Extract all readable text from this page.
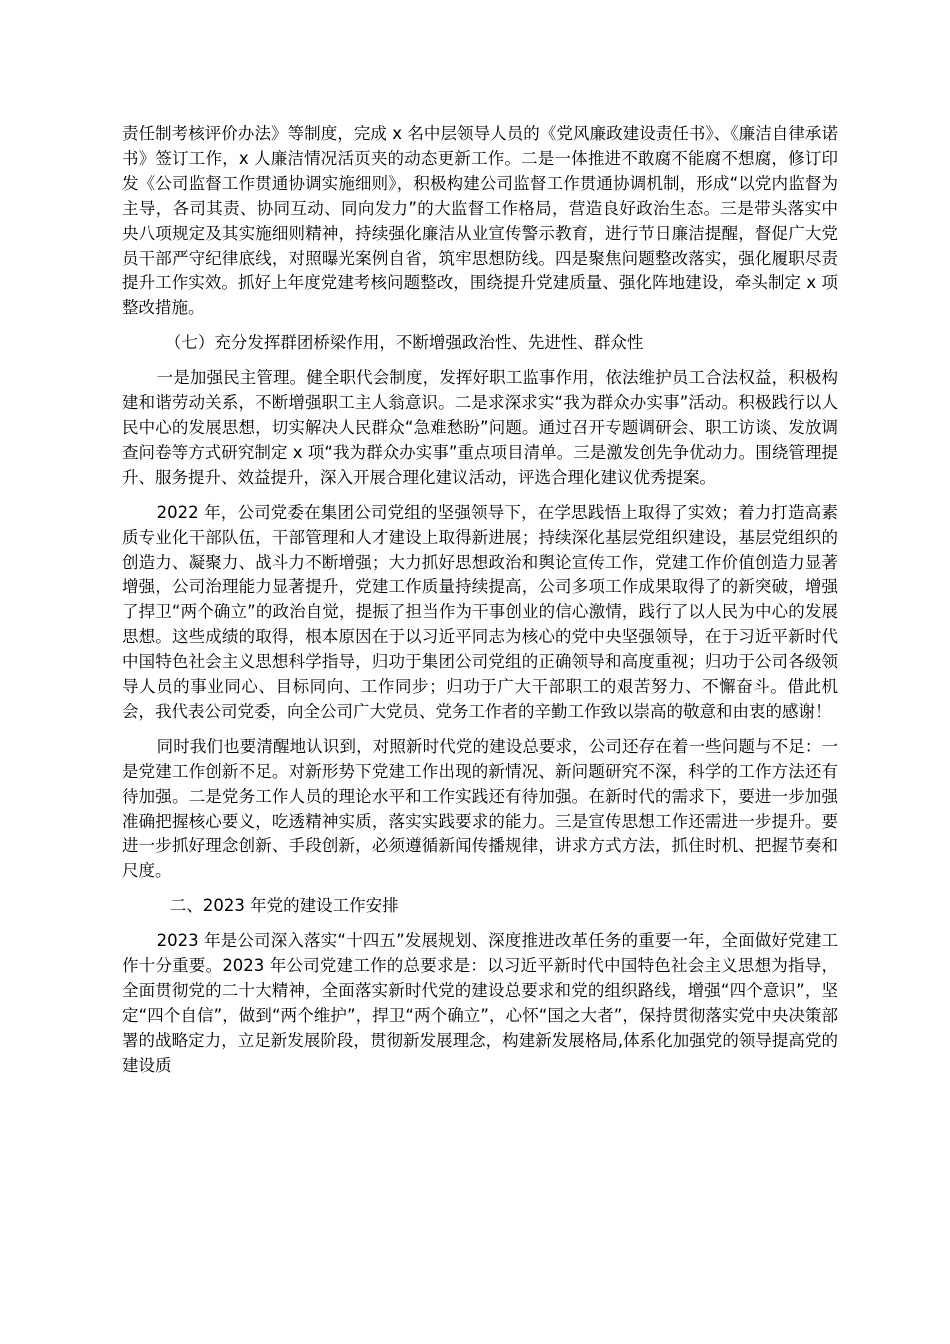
责任制考核评价办法》等制度，完成 x 名中层领导人员的《党风廉政建设责任书》、《廉洁自律承诺书》签订工作，x 人廉洁情况活页夹的动态更新工作。二是一体推进不敢腐不能腐不想腐，修订印发《公司监督工作贯通协调实施细则》，积极构建公司监督工作贯通协调机制，形成“以党内监督为主导，各司其责、协同互动、同向发力”的大监督工作格局，营造良好政治生态。三是带头落实中央八项规定及其实施细则精神，持续强化廉洁从业宣传警示教育，进行节日廉洁提醒，督促广大党员干部严守纪律底线，对照曝光案例自省，筑牢思想防线。四是聚焦问题整改落实，强化履职尽责提升工作实效。抓好上年度党建考核问题整改，围绕提升党建质量、强化阵地建设，牵头制定 x 项整改措施。

（七）充分发挥群团桥梁作用，不断增强政治性、先进性、群众性

一是加强民主管理。健全职代会制度，发挥好职工监事作用，依法维护员工合法权益，积极构建和谐劳动关系，不断增强职工主人翁意识。二是求深求实“我为群众办实事”活动。积极践行以人民中心的发展思想，切实解决人民群众“急难愁盼”问题。通过召开专题调研会、职工访谈、发放调查问卷等方式研究制定 x 项“我为群众办实事”重点项目清单。三是激发创先争优动力。围绕管理提升、服务提升、效益提升，深入开展合理化建议活动，评选合理化建议优秀提案。

2022 年，公司党委在集团公司党组的坚强领导下，在学思践悟上取得了实效；着力打造高素质专业化干部队伍，干部管理和人才建设上取得新进展；持续深化基层党组织建设，基层党组织的创造力、凝聚力、战斗力不断增强；大力抓好思想政治和舆论宣传工作，党建工作价值创造力显著增强，公司治理能力显著提升，党建工作质量持续提高，公司多项工作成果取得了的新突破，增强了捍卫“两个确立”的政治自觉，提振了担当作为干事创业的信心激情，践行了以人民为中心的发展思想。这些成绩的取得，根本原因在于以习近平同志为核心的党中央坚强领导，在于习近平新时代中国特色社会主义思想科学指导，归功于集团公司党组的正确领导和高度重视；归功于公司各级领导人员的事业同心、目标同向、工作同步；归功于广大干部职工的艰苦努力、不懈奋斗。借此机会，我代表公司党委，向全公司广大党员、党务工作者的辛勤工作致以崇高的敬意和由衷的感谢！

同时我们也要清醒地认识到，对照新时代党的建设总要求，公司还存在着一些问题与不足：一是党建工作创新不足。对新形势下党建工作出现的新情况、新问题研究不深，科学的工作方法还有待加强。二是党务工作人员的理论水平和工作实践还有待加强。在新时代的需求下，要进一步加强准确把握核心要义，吃透精神实质，落实实践要求的能力。三是宣传思想工作还需进一步提升。要进一步抓好理念创新、手段创新，必须遵循新闻传播规律，讲求方式方法，抓住时机、把握节奏和尺度。

二、2023 年党的建设工作安排

2023 年是公司深入落实“十四五”发展规划、深度推进改革任务的重要一年，全面做好党建工作十分重要。2023 年公司党建工作的总要求是：以习近平新时代中国特色社会主义思想为指导，全面贯彻党的二十大精神，全面落实新时代党的建设总要求和党的组织路线，增强“四个意识”，坚定“四个自信”，做到“两个维护”，捍卫“两个确立”，心怀“国之大者”，保持贯彻落实党中央决策部署的战略定力，立足新发展阶段，贯彻新发展理念，构建新发展格局,体系化加强党的领导提高党的建设质
